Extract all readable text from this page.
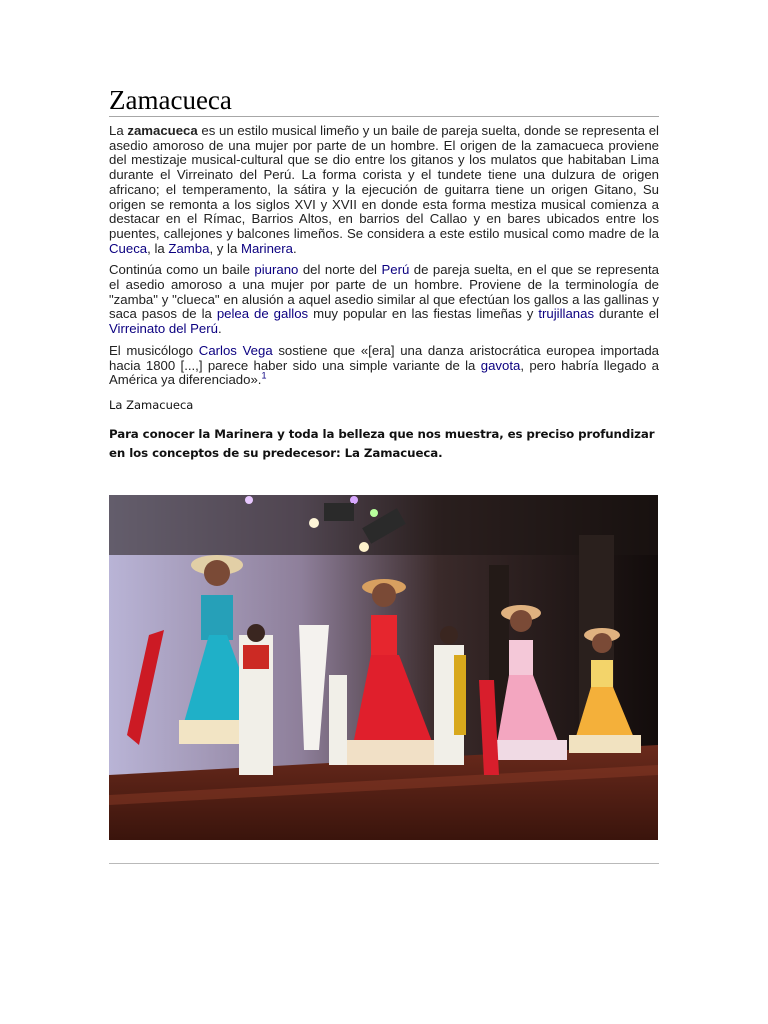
Zamacueca

La zamacueca es un estilo musical limeño y un baile de pareja suelta, donde se representa el asedio amoroso de una mujer por parte de un hombre. El origen de la zamacueca proviene del mestizaje musical-cultural que se dio entre los gitanos y los mulatos que habitaban Lima durante el Virreinato del Perú. La forma corista y el tundete tiene una dulzura de origen africano; el temperamento, la sátira y la ejecución de guitarra tiene un origen Gitano, Su origen se remonta a los siglos XVI y XVII en donde esta forma mestiza musical comienza a destacar en el Rímac, Barrios Altos, en barrios del Callao y en bares ubicados entre los puentes, callejones y balcones limeños. Se considera a este estilo musical como madre de la Cueca, la Zamba, y la Marinera.

Continúa como un baile piurano del norte del Perú de pareja suelta, en el que se representa el asedio amoroso a una mujer por parte de un hombre. Proviene de la terminología de "zamba" y "clueca" en alusión a aquel asedio similar al que efectúan los gallos a las gallinas y saca pasos de la pelea de gallos muy popular en las fiestas limeñas y trujillanas durante el Virreinato del Perú.

El musicólogo Carlos Vega sostiene que «[era] una danza aristocrática europea importada hacia 1800 [...,] parece haber sido una simple variante de la gavota, pero habría llegado a América ya diferenciado».$^1$

La Zamacueca
Para conocer la Marinera y toda la belleza que nos muestra, es preciso profundizar en los conceptos de su predecesor: La Zamacueca.
